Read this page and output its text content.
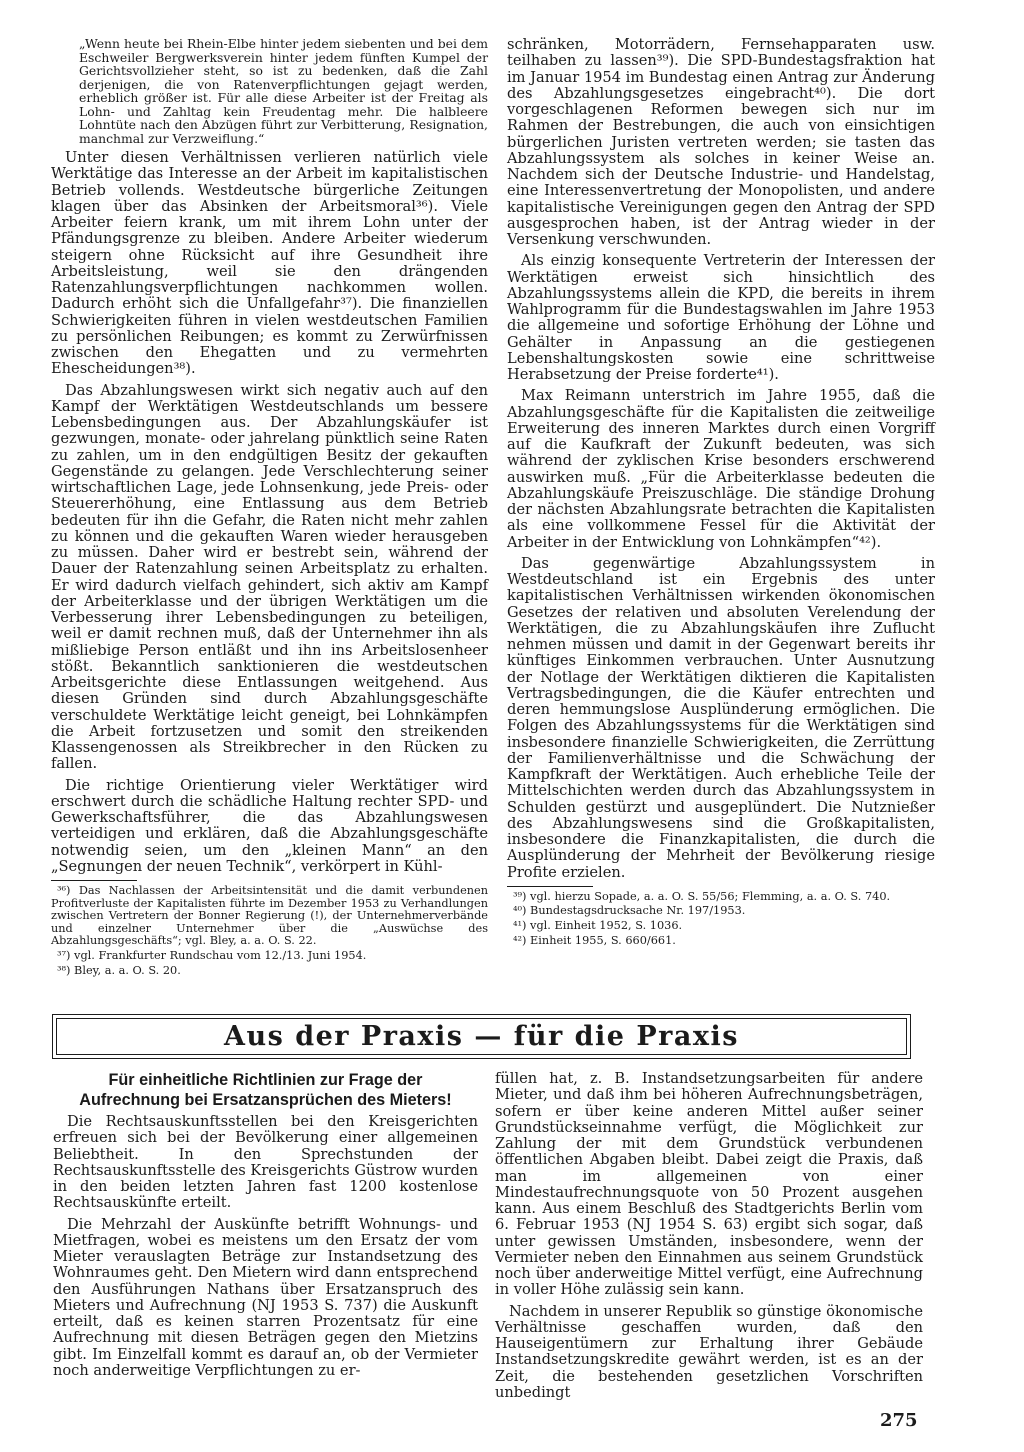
„Wenn heute bei Rhein-Elbe hinter jedem siebenten und bei dem Eschweiler Bergwerksverein hinter jedem fünften Kumpel der Gerichtsvollzieher steht, so ist zu bedenken, daß die Zahl derjenigen, die von Ratenverpflichtungen gejagt werden, erheblich größer ist. Für alle diese Arbeiter ist der Freitag als Lohn- und Zahltag kein Freudentag mehr. Die halbleere Lohntüte nach den Abzügen führt zur Verbitterung, Resignation, manchmal zur Verzweiflung.“

Unter diesen Verhältnissen verlieren natürlich viele Werktätige das Interesse an der Arbeit im kapitalistischen Betrieb vollends. Westdeutsche bürgerliche Zeitungen klagen über das Absinken der Arbeitsmoral³⁶). Viele Arbeiter feiern krank, um mit ihrem Lohn unter der Pfändungsgrenze zu bleiben. Andere Arbeiter wiederum steigern ohne Rücksicht auf ihre Gesundheit ihre Arbeitsleistung, weil sie den drängenden Ratenzahlungsverpflichtungen nachkommen wollen. Dadurch erhöht sich die Unfallgefahr³⁷). Die finanziellen Schwierigkeiten führen in vielen westdeutschen Familien zu persönlichen Reibungen; es kommt zu Zerwürfnissen zwischen den Ehegatten und zu vermehrten Ehescheidungen³⁸).

Das Abzahlungswesen wirkt sich negativ auch auf den Kampf der Werktätigen Westdeutschlands um bessere Lebensbedingungen aus. Der Abzahlungskäufer ist gezwungen, monate- oder jahrelang pünktlich seine Raten zu zahlen, um in den endgültigen Besitz der gekauften Gegenstände zu gelangen. Jede Verschlechterung seiner wirtschaftlichen Lage, jede Lohnsenkung, jede Preis- oder Steuererhöhung, eine Entlassung aus dem Betrieb bedeuten für ihn die Gefahr, die Raten nicht mehr zahlen zu können und die gekauften Waren wieder herausgeben zu müssen. Daher wird er bestrebt sein, während der Dauer der Ratenzahlung seinen Arbeitsplatz zu erhalten. Er wird dadurch vielfach gehindert, sich aktiv am Kampf der Arbeiterklasse und der übrigen Werktätigen um die Verbesserung ihrer Lebensbedingungen zu beteiligen, weil er damit rechnen muß, daß der Unternehmer ihn als mißliebige Person entläßt und ihn ins Arbeitslosenheer stößt. Bekanntlich sanktionieren die westdeutschen Arbeitsgerichte diese Entlassungen weitgehend. Aus diesen Gründen sind durch Abzahlungsgeschäfte verschuldete Werktätige leicht geneigt, bei Lohnkämpfen die Arbeit fortzusetzen und somit den streikenden Klassengenossen als Streikbrecher in den Rücken zu fallen.

Die richtige Orientierung vieler Werktätiger wird erschwert durch die schädliche Haltung rechter SPD- und Gewerkschaftsführer, die das Abzahlungswesen verteidigen und erklären, daß die Abzahlungsgeschäfte notwendig seien, um den „kleinen Mann“ an den „Segnungen der neuen Technik“, verkörpert in Kühl-

³⁶) Das Nachlassen der Arbeitsintensität und die damit verbundenen Profitverluste der Kapitalisten führte im Dezember 1953 zu Verhandlungen zwischen Vertretern der Bonner Regierung (!), der Unternehmerverbände und einzelner Unternehmer über die „Auswüchse des Abzahlungsgeschäfts“; vgl. Bley, a. a. O. S. 22.

³⁷) vgl. Frankfurter Rundschau vom 12./13. Juni 1954.

³⁸) Bley, a. a. O. S. 20.

schränken, Motorrädern, Fernsehapparaten usw. teilhaben zu lassen³⁹). Die SPD-Bundestagsfraktion hat im Januar 1954 im Bundestag einen Antrag zur Änderung des Abzahlungsgesetzes eingebracht⁴⁰). Die dort vorgeschlagenen Reformen bewegen sich nur im Rahmen der Bestrebungen, die auch von einsichtigen bürgerlichen Juristen vertreten werden; sie tasten das Abzahlungssystem als solches in keiner Weise an. Nachdem sich der Deutsche Industrie- und Handelstag, eine Interessenvertretung der Monopolisten, und andere kapitalistische Vereinigungen gegen den Antrag der SPD ausgesprochen haben, ist der Antrag wieder in der Versenkung verschwunden.

Als einzig konsequente Vertreterin der Interessen der Werktätigen erweist sich hinsichtlich des Abzahlungssystems allein die KPD, die bereits in ihrem Wahlprogramm für die Bundestagswahlen im Jahre 1953 die allgemeine und sofortige Erhöhung der Löhne und Gehälter in Anpassung an die gestiegenen Lebenshaltungskosten sowie eine schrittweise Herabsetzung der Preise forderte⁴¹).

Max Reimann unterstrich im Jahre 1955, daß die Abzahlungsgeschäfte für die Kapitalisten die zeitweilige Erweiterung des inneren Marktes durch einen Vorgriff auf die Kaufkraft der Zukunft bedeuten, was sich während der zyklischen Krise besonders erschwerend auswirken muß. „Für die Arbeiterklasse bedeuten die Abzahlungskäufe Preiszuschläge. Die ständige Drohung der nächsten Abzahlungsrate betrachten die Kapitalisten als eine vollkommene Fessel für die Aktivität der Arbeiter in der Entwicklung von Lohnkämpfen“⁴²).

Das gegenwärtige Abzahlungssystem in Westdeutschland ist ein Ergebnis des unter kapitalistischen Verhältnissen wirkenden ökonomischen Gesetzes der relativen und absoluten Verelendung der Werktätigen, die zu Abzahlungskäufen ihre Zuflucht nehmen müssen und damit in der Gegenwart bereits ihr künftiges Einkommen verbrauchen. Unter Ausnutzung der Notlage der Werktätigen diktieren die Kapitalisten Vertragsbedingungen, die die Käufer entrechten und deren hemmungslose Ausplünderung ermöglichen. Die Folgen des Abzahlungssystems für die Werktätigen sind insbesondere finanzielle Schwierigkeiten, die Zerrüttung der Familienverhältnisse und die Schwächung der Kampfkraft der Werktätigen. Auch erhebliche Teile der Mittelschichten werden durch das Abzahlungssystem in Schulden gestürzt und ausgeplündert. Die Nutznießer des Abzahlungswesens sind die Großkapitalisten, insbesondere die Finanzkapitalisten, die durch die Ausplünderung der Mehrheit der Bevölkerung riesige Profite erzielen.

³⁹) vgl. hierzu Sopade, a. a. O. S. 55/56; Flemming, a. a. O. S. 740.

⁴⁰) Bundestagsdrucksache Nr. 197/1953.

⁴¹) vgl. Einheit 1952, S. 1036.

⁴²) Einheit 1955, S. 660/661.

Aus der Praxis — für die Praxis
Für einheitliche Richtlinien zur Frage der
Aufrechnung bei Ersatzansprüchen des Mieters!

Die Rechtsauskunftsstellen bei den Kreisgerichten erfreuen sich bei der Bevölkerung einer allgemeinen Beliebtheit. In den Sprechstunden der Rechtsauskunftsstelle des Kreisgerichts Güstrow wurden in den beiden letzten Jahren fast 1200 kostenlose Rechtsauskünfte erteilt.

Die Mehrzahl der Auskünfte betrifft Wohnungs- und Mietfragen, wobei es meistens um den Ersatz der vom Mieter verauslagten Beträge zur Instandsetzung des Wohnraumes geht. Den Mietern wird dann entsprechend den Ausführungen Nathans über Ersatzanspruch des Mieters und Aufrechnung (NJ 1953 S. 737) die Auskunft erteilt, daß es keinen starren Prozentsatz für eine Aufrechnung mit diesen Beträgen gegen den Mietzins gibt. Im Einzelfall kommt es darauf an, ob der Vermieter noch anderweitige Verpflichtungen zu er-

füllen hat, z. B. Instandsetzungsarbeiten für andere Mieter, und daß ihm bei höheren Aufrechnungsbeträgen, sofern er über keine anderen Mittel außer seiner Grundstückseinnahme verfügt, die Möglichkeit zur Zahlung der mit dem Grundstück verbundenen öffentlichen Abgaben bleibt. Dabei zeigt die Praxis, daß man im allgemeinen von einer Mindestaufrechnungsquote von 50 Prozent ausgehen kann. Aus einem Beschluß des Stadtgerichts Berlin vom 6. Februar 1953 (NJ 1954 S. 63) ergibt sich sogar, daß unter gewissen Umständen, insbesondere, wenn der Vermieter neben den Einnahmen aus seinem Grundstück noch über anderweitige Mittel verfügt, eine Aufrechnung in voller Höhe zulässig sein kann.

Nachdem in unserer Republik so günstige ökonomische Verhältnisse geschaffen wurden, daß den Hauseigentümern zur Erhaltung ihrer Gebäude Instandsetzungskredite gewährt werden, ist es an der Zeit, die bestehenden gesetzlichen Vorschriften unbedingt

275
